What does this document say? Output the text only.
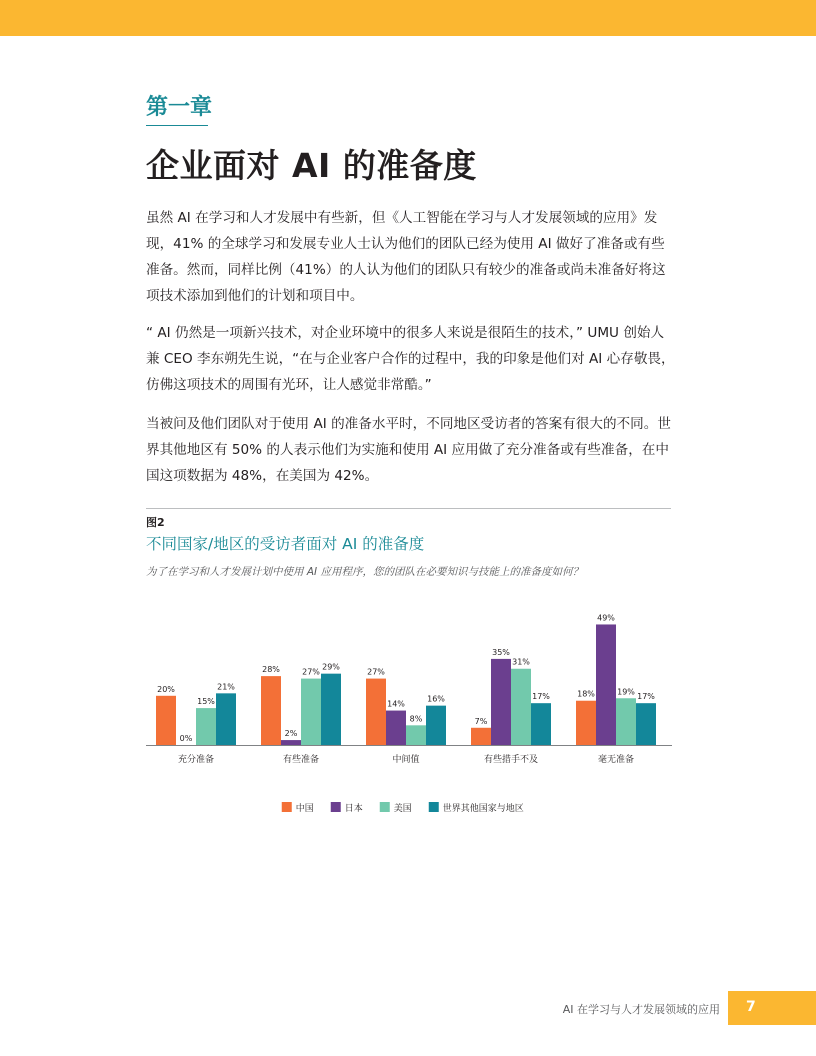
第一章
企业面对 AI 的准备度

虽然 AI 在学习和人才发展中有些新，但《人工智能在学习与人才发展领域的应用》发现，41% 的全球学习和发展专业人士认为他们的团队已经为使用 AI 做好了准备或有些准备。然而，同样比例（41%）的人认为他们的团队只有较少的准备或尚未准备好将这项技术添加到他们的计划和项目中。

“ AI 仍然是一项新兴技术，对企业环境中的很多人来说是很陌生的技术，” UMU 创始人兼 CEO 李东朔先生说，“在与企业客户合作的过程中，我的印象是他们对 AI 心存敬畏，仿佛这项技术的周围有光环，让人感觉非常酷。”

当被问及他们团队对于使用 AI 的准备水平时，不同地区受访者的答案有很大的不同。世界其他地区有 50% 的人表示他们为实施和使用 AI 应用做了充分准备或有些准备，在中国这项数据为 48%，在美国为 42%。

图2
不同国家/地区的受访者面对 AI 的准备度
为了在学习和人才发展计划中使用 AI 应用程序，您的团队在必要知识与技能上的准备度如何？
20%
0%
15%
21%
充分准备
28%
2%
27%
29%
有些准备
27%
14%
8%
16%
中间值
7%
35%
31%
17%
有些措手不及
18%
49%
19%
17%
毫无准备
中国	日本	美国	世界其他国家与地区
AI 在学习与人才发展领域的应用 7
